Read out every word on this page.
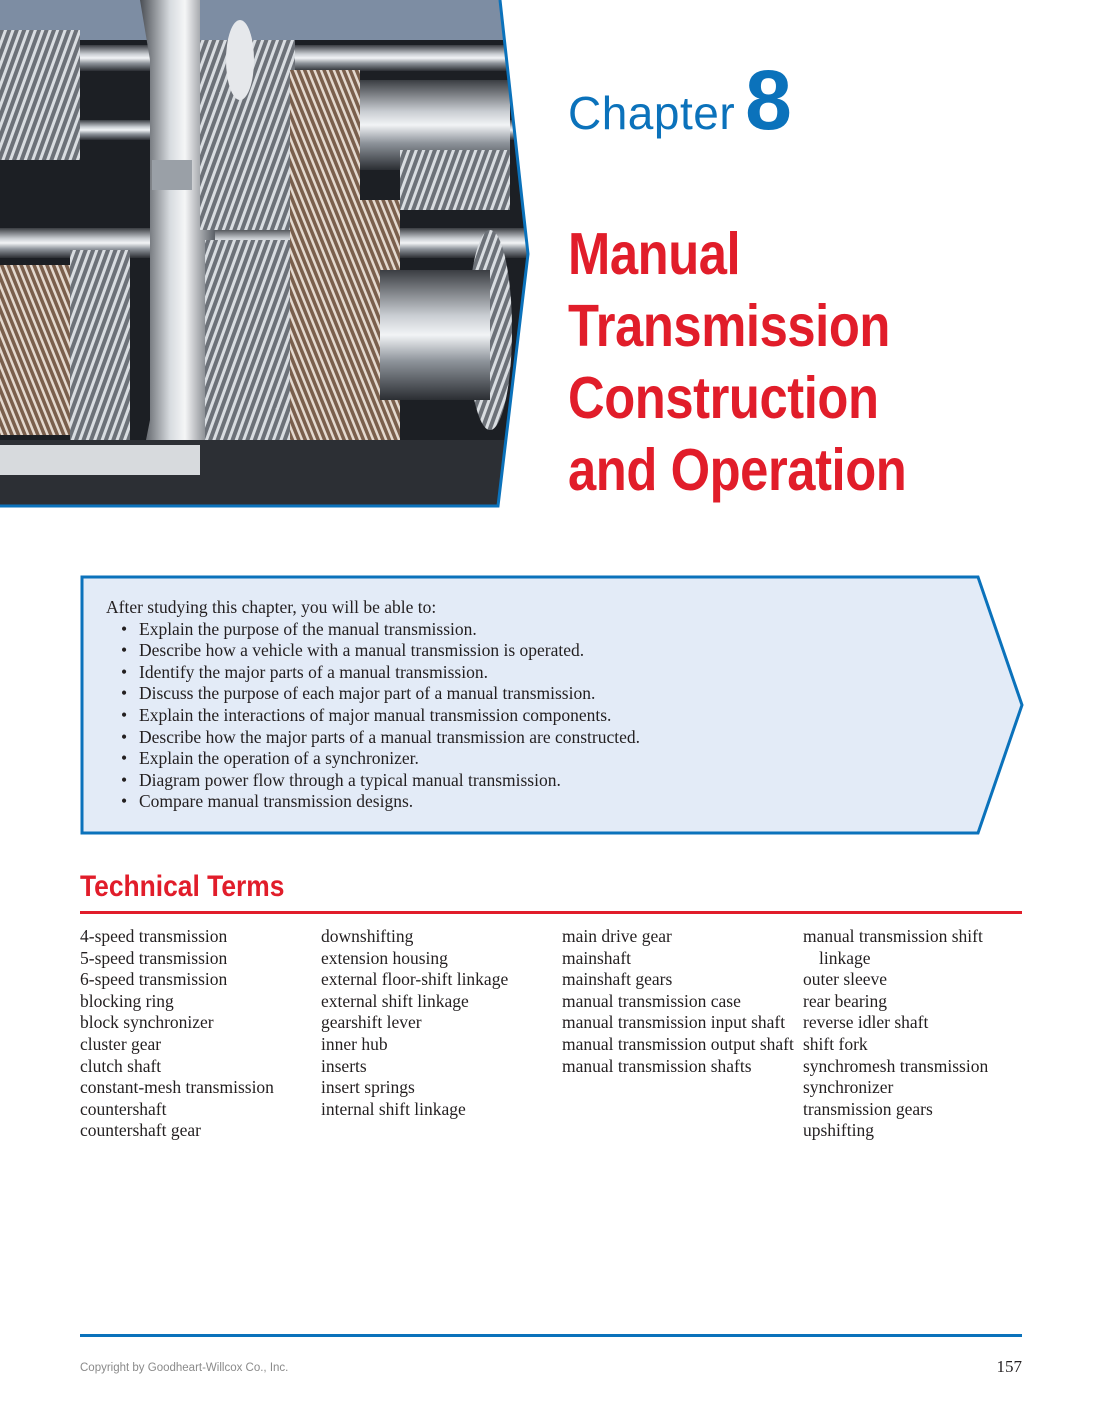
Chapter 8
Manual
Transmission
Construction
and Operation
After studying this chapter, you will be able to:
• Explain the purpose of the manual transmission.
• Describe how a vehicle with a manual transmission is operated.
• Identify the major parts of a manual transmission.
• Discuss the purpose of each major part of a manual transmission.
• Explain the interactions of major manual transmission components.
• Describe how the major parts of a manual transmission are constructed.
• Explain the operation of a synchronizer.
• Diagram power flow through a typical manual transmission.
• Compare manual transmission designs.
Technical Terms
4-speed transmission
5-speed transmission
6-speed transmission
blocking ring
block synchronizer
cluster gear
clutch shaft
constant-mesh transmission
countershaft
countershaft gear
downshifting
extension housing
external floor-shift linkage
external shift linkage
gearshift lever
inner hub
inserts
insert springs
internal shift linkage
main drive gear
mainshaft
mainshaft gears
manual transmission case
manual transmission input shaft
manual transmission output shaft
manual transmission shafts
manual transmission shift linkage
outer sleeve
rear bearing
reverse idler shaft
shift fork
synchromesh transmission
synchronizer
transmission gears
upshifting
Copyright by Goodheart-Willcox Co., Inc.	157
